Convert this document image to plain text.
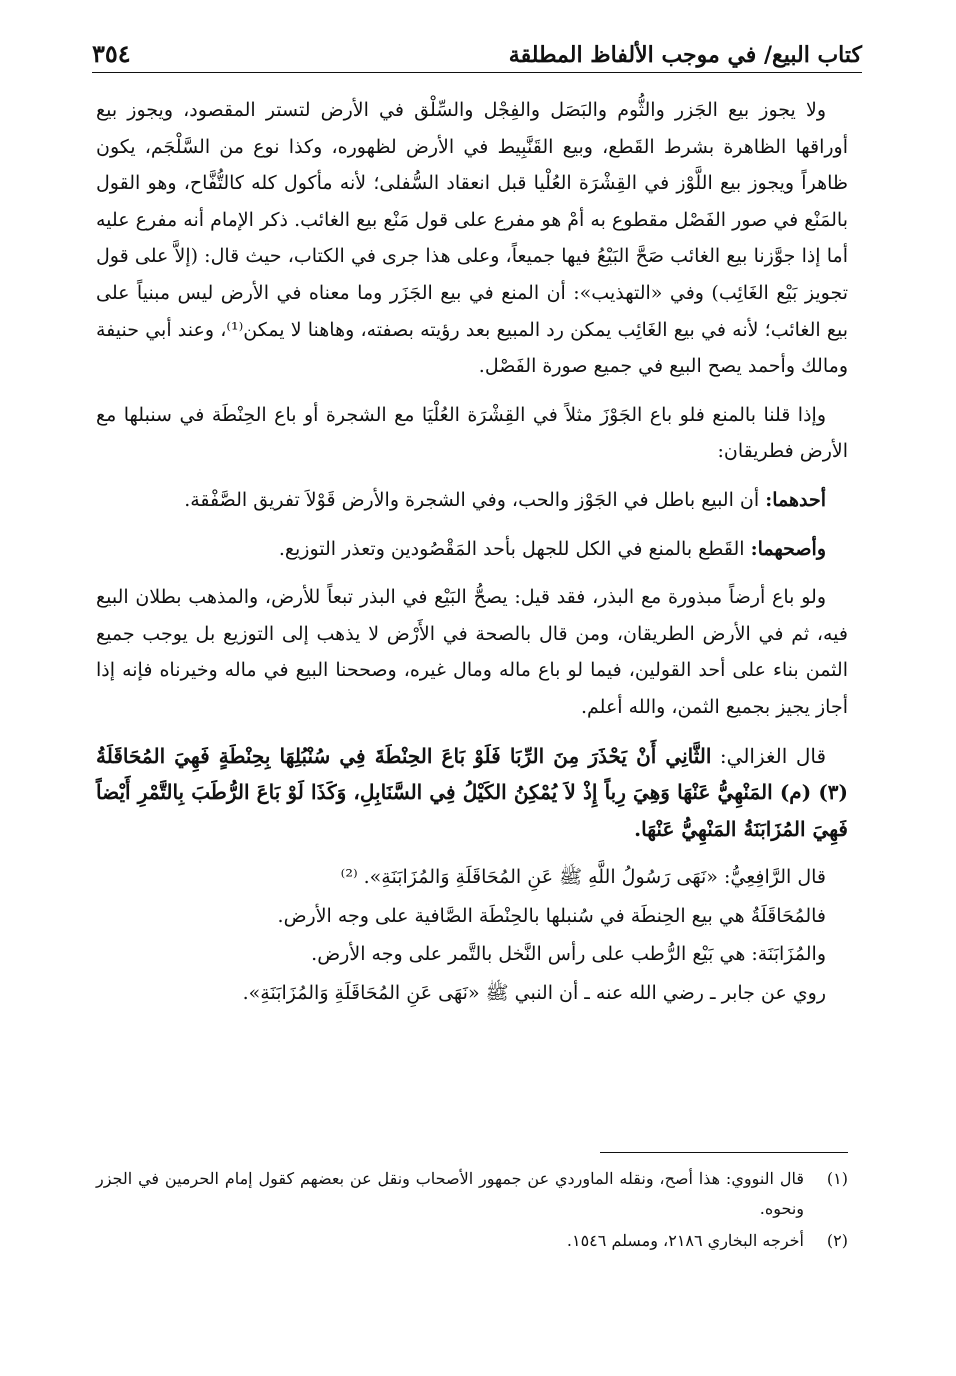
كتاب البيع/ في موجب الألفاظ المطلقة
٣٥٤

ولا يجوز بيع الجَزر والثُّوم والبَصَل والفِجْل والسِّلْق في الأرض لتستر المقصود، ويجوز بيع أوراقها الظاهرة بشرط القَطع، وبيع القَنَّبِيط في الأرض لظهوره، وكذا نوع من السَّلْجَم، يكون ظاهراً ويجوز بيع اللَّوْز في القِشْرَة العُلْيا قبل انعقاد السُّفلى؛ لأنه مأكول كله كالتُّفَّاح، وهو القول بالمَنْع في صور الفَصْل مقطوع به أمْ هو مفرع على قول مَنْع بيع الغائب. ذكر الإمام أنه مفرع عليه أما إذا جوَّزنا بيع الغائب صَحَّ البَيْعُ فيها جميعاً، وعلى هذا جرى في الكتاب، حيث قال: (إلاَّ على قول تجويز بَيْع الغَائِب) وفي «التهذيب»: أن المنع في بيع الجَزَر وما معناه في الأرض ليس مبنياً على بيع الغائب؛ لأنه في بيع الغَائِب يمكن رد المبيع بعد رؤيته بصفته، وهاهنا لا يمكن⁽¹⁾، وعند أبي حنيفة ومالك وأحمد يصح البيع في جميع صورة الفَصْل.

وإذا قلنا بالمنع فلو باع الجَوْزَ مثلاً في القِشْرَة العُلْيَا مع الشجرة أو باع الحِنْطَة في سنبلها مع الأرض فطريقان:

أحدهما: أن البيع باطل في الجَوْز والحب، وفي الشجرة والأرض قَوْلاَ تفريق الصَّفْقة.

وأصحهما: القَطع بالمنع في الكل للجهل بأحد المَقْصُودين وتعذر التوزيع.

ولو باع أرضاً مبذورة مع البذر، فقد قيل: يصحُّ البَيْع في البذر تبعاً للأرض، والمذهب بطلان البيع فيه، ثم في الأرض الطريقان، ومن قال بالصحة في الأَرْض لا يذهب إلى التوزيع بل يوجب جميع الثمن بناء على أحد القولين، فيما لو باع ماله ومال غيره، وصححنا البيع في ماله وخيرناه فإنه إذا أجاز يجيز بجميع الثمن، والله أعلم.

قال الغزالي: الثَّانِي أَنْ يَحْذَرَ مِنَ الرِّبَا فَلَوْ بَاعَ الحِنْطَةَ فِي سُنْبُلِهَا بِحِنْطَةٍ فَهِيَ المُحَاقَلَةُ (٣) (م) المَنْهِيُّ عَنْهَا وَهِيَ رِباً إِذْ لاَ يُمْكِنُ الكَيْلُ فِي السَّنَابِلِ، وَكَذَا لَوْ بَاعَ الرُّطَبَ بِالتَّمْرِ أَيْضاً فَهِيَ المُزَابَنَةُ المَنْهِيُّ عَنْهَا.

قال الرَّافِعِيُّ: «نَهَى رَسُولُ اللَّهِ ﷺ عَنِ المُحَاقَلَةِ وَالمُزَابَنَةِ». ⁽²⁾

فالمُحَاقَلَةُ هي بيع الحِنطَة في سُنبلها بالحِنْطَة الصَّافية على وجه الأرض.

والمُزَابَنَة: هي بَيْع الرُّطب على رأس النَّخل بالتَّمر على وجه الأرض.

روي عن جابر ـ رضي الله عنه ـ أن النبي ﷺ «نَهَى عَنِ المُحَاقَلَةِ وَالمُزَابَنَةِ».

(١)
قال النووي: هذا أصح، ونقله الماوردي عن جمهور الأصحاب ونقل عن بعضهم كقول إمام الحرمين في الجزر ونحوه.
(٢)
أخرجه البخاري ٢١٨٦، ومسلم ١٥٤٦.
